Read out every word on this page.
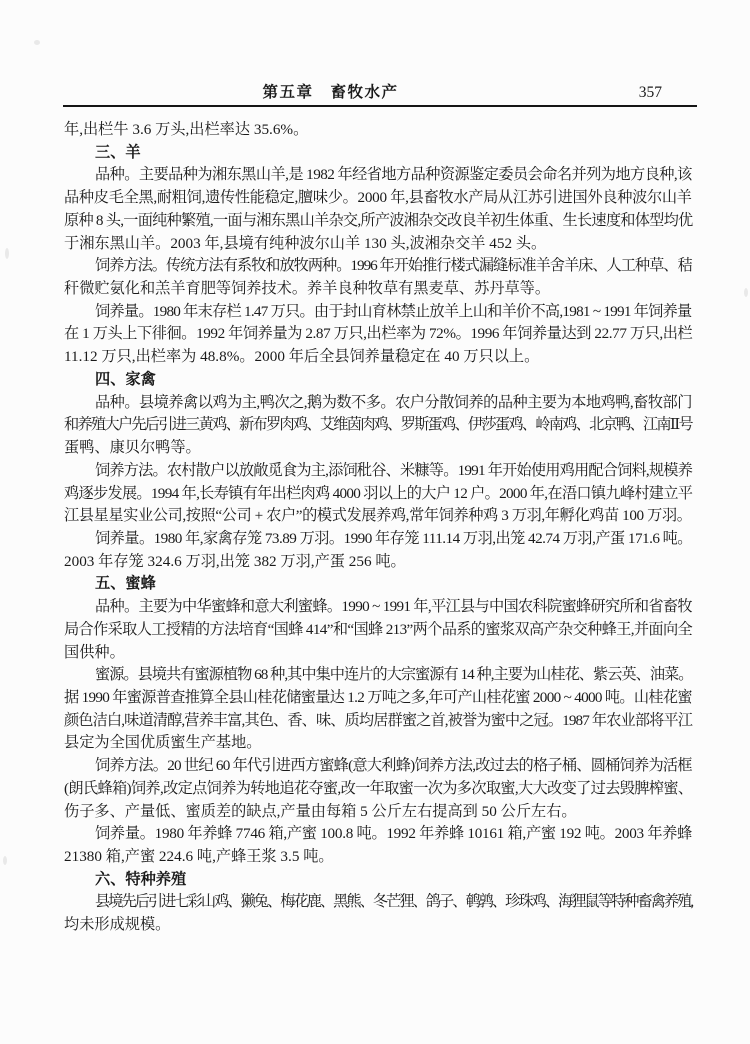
第五章　畜牧水产	357
年,出栏牛 3.6 万头,出栏率达 35.6%。
三、羊
品种。主要品种为湘东黑山羊,是 1982 年经省地方品种资源鉴定委员会命名并列为地方良种,该
品种皮毛全黑,耐粗饲,遗传性能稳定,膻味少。2000 年,县畜牧水产局从江苏引进国外良种波尔山羊
原种 8 头,一面纯种繁殖,一面与湘东黑山羊杂交,所产波湘杂交改良羊初生体重、生长速度和体型均优
于湘东黑山羊。2003 年,县境有纯种波尔山羊 130 头,波湘杂交羊 452 头。
饲养方法。传统方法有系牧和放牧两种。1996 年开始推行楼式漏缝标准羊舍羊床、人工种草、秸
秆微贮氨化和羔羊育肥等饲养技术。养羊良种牧草有黑麦草、苏丹草等。
饲养量。1980 年末存栏 1.47 万只。由于封山育林禁止放羊上山和羊价不高,1981 ~ 1991 年饲养量
在 1 万头上下徘徊。1992 年饲养量为 2.87 万只,出栏率为 72%。1996 年饲养量达到 22.77 万只,出栏
11.12 万只,出栏率为 48.8%。2000 年后全县饲养量稳定在 40 万只以上。
四、家禽
品种。县境养禽以鸡为主,鸭次之,鹅为数不多。农户分散饲养的品种主要为本地鸡鸭,畜牧部门
和养殖大户先后引进三黄鸡、新布罗肉鸡、艾维茵肉鸡、罗斯蛋鸡、伊莎蛋鸡、岭南鸡、北京鸭、江南Ⅱ号
蛋鸭、康贝尔鸭等。
饲养方法。农村散户以放敞觅食为主,添饲秕谷、米糠等。1991 年开始使用鸡用配合饲料,规模养
鸡逐步发展。1994 年,长寿镇有年出栏肉鸡 4000 羽以上的大户 12 户。2000 年,在浯口镇九峰村建立平
江县星星实业公司,按照“公司 + 农户”的模式发展养鸡,常年饲养种鸡 3 万羽,年孵化鸡苗 100 万羽。
饲养量。1980 年,家禽存笼 73.89 万羽。1990 年存笼 111.14 万羽,出笼 42.74 万羽,产蛋 171.6 吨。
2003 年存笼 324.6 万羽,出笼 382 万羽,产蛋 256 吨。
五、蜜蜂
品种。主要为中华蜜蜂和意大利蜜蜂。1990 ~ 1991 年,平江县与中国农科院蜜蜂研究所和省畜牧
局合作采取人工授精的方法培育“国蜂 414”和“国蜂 213”两个品系的蜜浆双高产杂交种蜂王,并面向全
国供种。
蜜源。县境共有蜜源植物 68 种,其中集中连片的大宗蜜源有 14 种,主要为山桂花、紫云英、油菜。
据 1990 年蜜源普查推算全县山桂花储蜜量达 1.2 万吨之多,年可产山桂花蜜 2000 ~ 4000 吨。山桂花蜜
颜色洁白,味道清醇,营养丰富,其色、香、味、质均居群蜜之首,被誉为蜜中之冠。1987 年农业部将平江
县定为全国优质蜜生产基地。
饲养方法。20 世纪 60 年代引进西方蜜蜂(意大利蜂)饲养方法,改过去的格子桶、圆桶饲养为活框
(朗氏蜂箱)饲养,改定点饲养为转地追花夺蜜,改一年取蜜一次为多次取蜜,大大改变了过去毁脾榨蜜、
伤子多、产量低、蜜质差的缺点,产量由每箱 5 公斤左右提高到 50 公斤左右。
饲养量。1980 年养蜂 7746 箱,产蜜 100.8 吨。1992 年养蜂 10161 箱,产蜜 192 吨。2003 年养蜂
21380 箱,产蜜 224.6 吨,产蜂王浆 3.5 吨。
六、特种养殖
县境先后引进七彩山鸡、獭兔、梅花鹿、黑熊、冬芒狸、鸽子、鹌鹑、珍珠鸡、海狸鼠等特种畜禽养殖,
均未形成规模。
